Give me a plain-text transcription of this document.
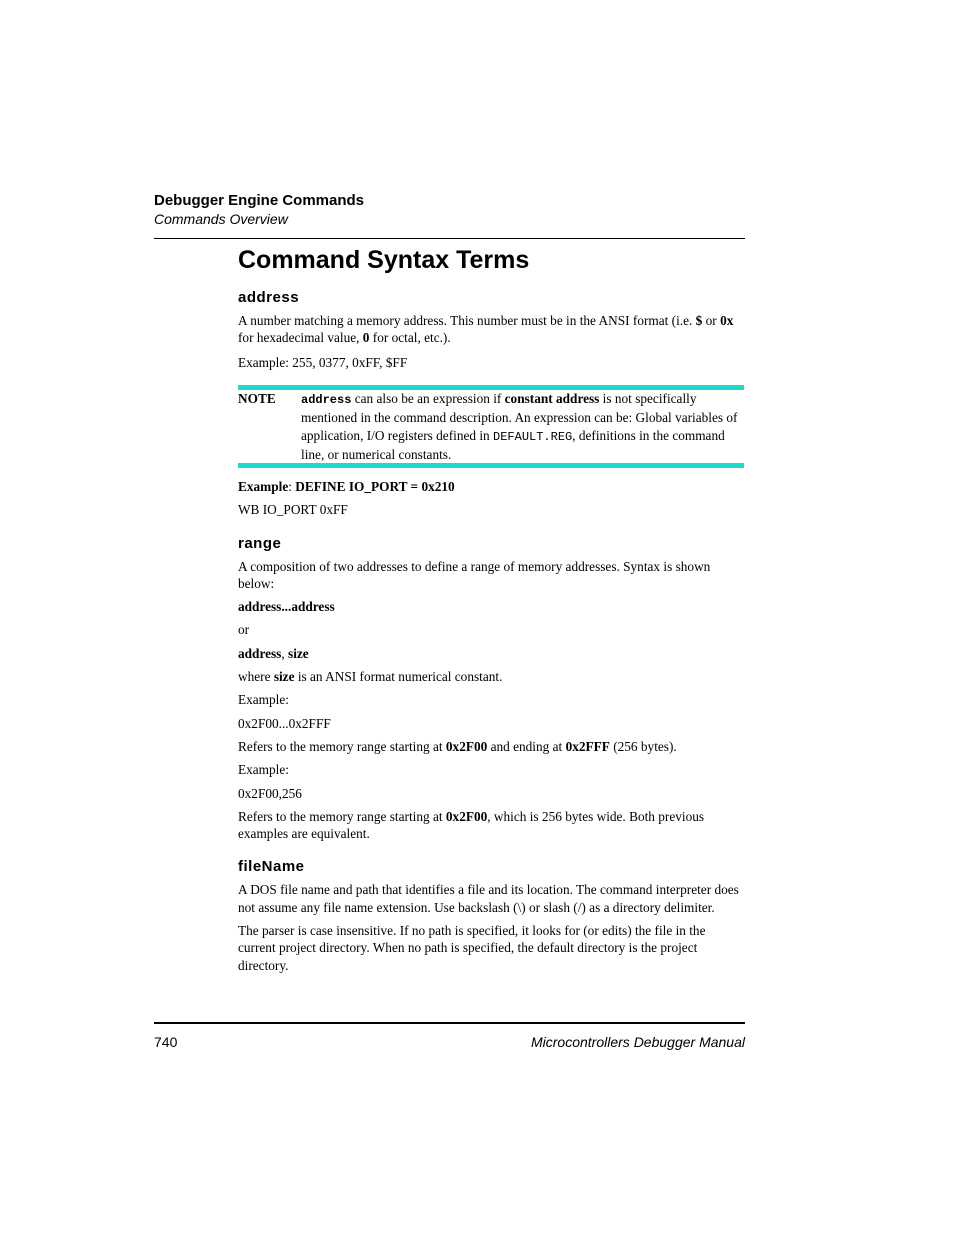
Debugger Engine Commands
Commands Overview
Command Syntax Terms
address

A number matching a memory address. This number must be in the ANSI format (i.e. $ or 0x for hexadecimal value, 0 for octal, etc.).

Example: 255, 0377, 0xFF, $FF

NOTE address can also be an expression if constant address is not specifically mentioned in the command description. An expression can be: Global variables of application, I/O registers defined in DEFAULT.REG, definitions in the command line, or numerical constants.

Example: DEFINE IO_PORT = 0x210

WB IO_PORT 0xFF

range

A composition of two addresses to define a range of memory addresses. Syntax is shown below:

address...address

or

address, size

where size is an ANSI format numerical constant.

Example:

0x2F00...0x2FFF

Refers to the memory range starting at 0x2F00 and ending at 0x2FFF (256 bytes).

Example:

0x2F00,256

Refers to the memory range starting at 0x2F00, which is 256 bytes wide. Both previous examples are equivalent.

fileName

A DOS file name and path that identifies a file and its location. The command interpreter does not assume any file name extension. Use backslash (\) or slash (/) as a directory delimiter.

The parser is case insensitive. If no path is specified, it looks for (or edits) the file in the current project directory. When no path is specified, the default directory is the project directory.

740	Microcontrollers Debugger Manual
